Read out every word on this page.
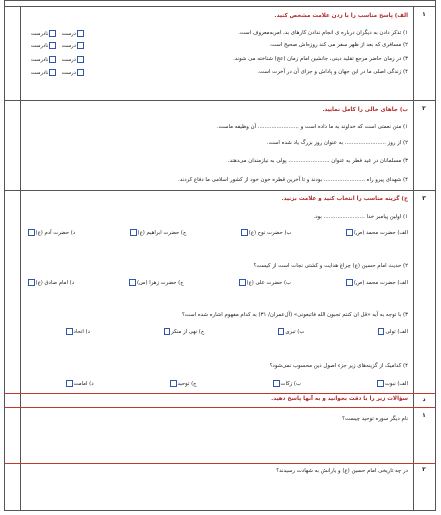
۱
الف) پاسخ مناسب را با زدن علامت مشخص کنید.
۱) تذکر دادن به دیگران درباره ی انجام ندادن کارهای بد، امر‌به‌معروف است.
درست   نادرست
۲) مسافری که بعد از ظهر سفر می کند روزه‌اش صحیح است.
درست   نادرست
۳) در زمان حاضر مرجع تقلید دینی، جانشین امام زمان (عج) شناخته می شوند.
درست   نادرست
۴) زندگی اصلی ما در این جهان و پاداش و جزای آن در آخرت است.
درست   نادرست
۲
ب) جاهای خالی را کامل نمایید.
۱) متن نعمتی است که خداوند به ما داده است و ........................ آن وظیفه ماست.
۲) از روز ........................ به عنوان روز بزرگ یاد شده است.
۳) مسلمانان در عید فطر به عنوان ........................ پولی به نیازمندان می‌دهند.
۴) شهدای پیرو راه ........................ بودند و تا آخرین قطره خون خود از کشور اسلامی ما دفاع کردند.
۳
ج) گزینه مناسب را انتخاب کنید و علامت بزنید.
۱) اولین پیامبر خدا ........................ بود.
الف) حضرت محمد (ص)
ب) حضرت نوح (ع)
ج) حضرت ابراهیم (ع)
د) حضرت آدم (ع)
۲) حدیث امام حسین (ع) چراغ هدایت و کشتی نجات است از کیست؟
الف) حضرت محمد (ص)
ب) حضرت علی (ع)
ج) حضرت زهرا (س)
د) امام صادق (ع)
۳) با توجه به آیه «قل ان کنتم تحبون الله فاتبعونی» (آل‌عمران/ ۳۱) به کدام مفهوم اشاره شده است؟
الف) تولی
ب) تبری
ج) نهی از منکر
د) اتحاد
۴) کدامیک از گزینه‌های زیر جزء اصول دین محسوب نمی‌شود؟
الف) نبوت
ب) زکات
ج) توحید
د) امامت
د
سؤالات زیر را با دقت بخوانید و به آنها پاسخ دهید.
۱
نام دیگر سوره توحید چیست؟
۲
در چه تاریخی امام حسین (ع) و یارانش به شهادت رسیدند؟
